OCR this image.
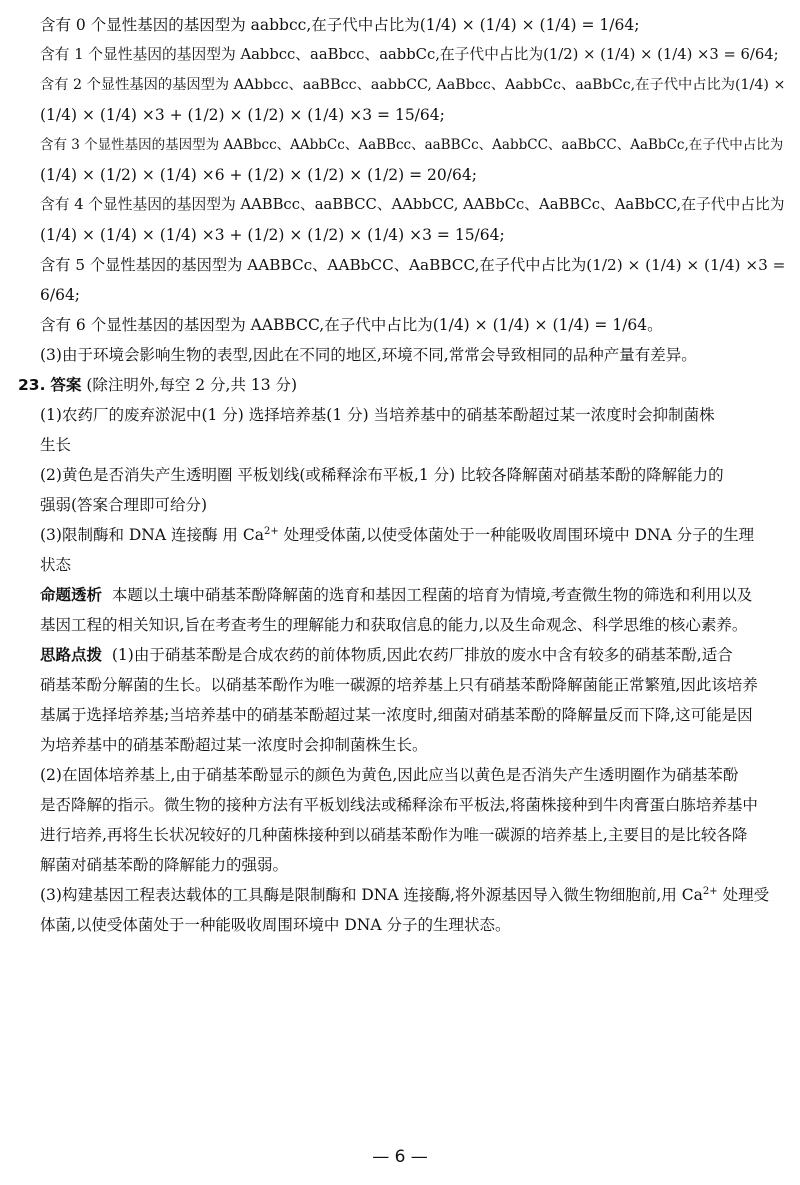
含有 0 个显性基因的基因型为 aabbcc,在子代中占比为(1/4) × (1/4) × (1/4) = 1/64;
含有 1 个显性基因的基因型为 Aabbcc、aaBbcc、aabbCc,在子代中占比为(1/2) × (1/4) × (1/4) ×3 = 6/64;
含有 2 个显性基因的基因型为 AAbbcc、aaBBcc、aabbCC, AaBbcc、AabbCc、aaBbCc,在子代中占比为(1/4) ×
(1/4) × (1/4) ×3 + (1/2) × (1/2) × (1/4) ×3 = 15/64;
含有 3 个显性基因的基因型为 AABbcc、AAbbCc、AaBBcc、aaBBCc、AabbCC、aaBbCC、AaBbCc,在子代中占比为
(1/4) × (1/2) × (1/4) ×6 + (1/2) × (1/2) × (1/2) = 20/64;
含有 4 个显性基因的基因型为 AABBcc、aaBBCC、AAbbCC, AABbCc、AaBBCc、AaBbCC,在子代中占比为
(1/4) × (1/4) × (1/4) ×3 + (1/2) × (1/2) × (1/4) ×3 = 15/64;
含有 5 个显性基因的基因型为 AABBCc、AABbCC、AaBBCC,在子代中占比为(1/2) × (1/4) × (1/4) ×3 =
6/64;
含有 6 个显性基因的基因型为 AABBCC,在子代中占比为(1/4) × (1/4) × (1/4) = 1/64。
(3)由于环境会影响生物的表型,因此在不同的地区,环境不同,常常会导致相同的品种产量有差异。
23. 答案 (除注明外,每空 2 分,共 13 分)
(1)农药厂的废弃淤泥中(1 分) 选择培养基(1 分) 当培养基中的硝基苯酚超过某一浓度时会抑制菌株
生长
(2)黄色是否消失产生透明圈 平板划线(或稀释涂布平板,1 分) 比较各降解菌对硝基苯酚的降解能力的
强弱(答案合理即可给分)
(3)限制酶和 DNA 连接酶 用 $Ca^{2+}$ 处理受体菌,以使受体菌处于一种能吸收周围环境中 DNA 分子的生理
状态
命题透析 本题以土壤中硝基苯酚降解菌的选育和基因工程菌的培育为情境,考查微生物的筛选和利用以及
基因工程的相关知识,旨在考查考生的理解能力和获取信息的能力,以及生命观念、科学思维的核心素养。
思路点拨 (1)由于硝基苯酚是合成农药的前体物质,因此农药厂排放的废水中含有较多的硝基苯酚,适合
硝基苯酚分解菌的生长。以硝基苯酚作为唯一碳源的培养基上只有硝基苯酚降解菌能正常繁殖,因此该培养
基属于选择培养基;当培养基中的硝基苯酚超过某一浓度时,细菌对硝基苯酚的降解量反而下降,这可能是因
为培养基中的硝基苯酚超过某一浓度时会抑制菌株生长。
(2)在固体培养基上,由于硝基苯酚显示的颜色为黄色,因此应当以黄色是否消失产生透明圈作为硝基苯酚
是否降解的指示。微生物的接种方法有平板划线法或稀释涂布平板法,将菌株接种到牛肉膏蛋白胨培养基中
进行培养,再将生长状况较好的几种菌株接种到以硝基苯酚作为唯一碳源的培养基上,主要目的是比较各降
解菌对硝基苯酚的降解能力的强弱。
(3)构建基因工程表达载体的工具酶是限制酶和 DNA 连接酶,将外源基因导入微生物细胞前,用 $Ca^{2+}$ 处理受
体菌,以使受体菌处于一种能吸收周围环境中 DNA 分子的生理状态。
— 6 —
